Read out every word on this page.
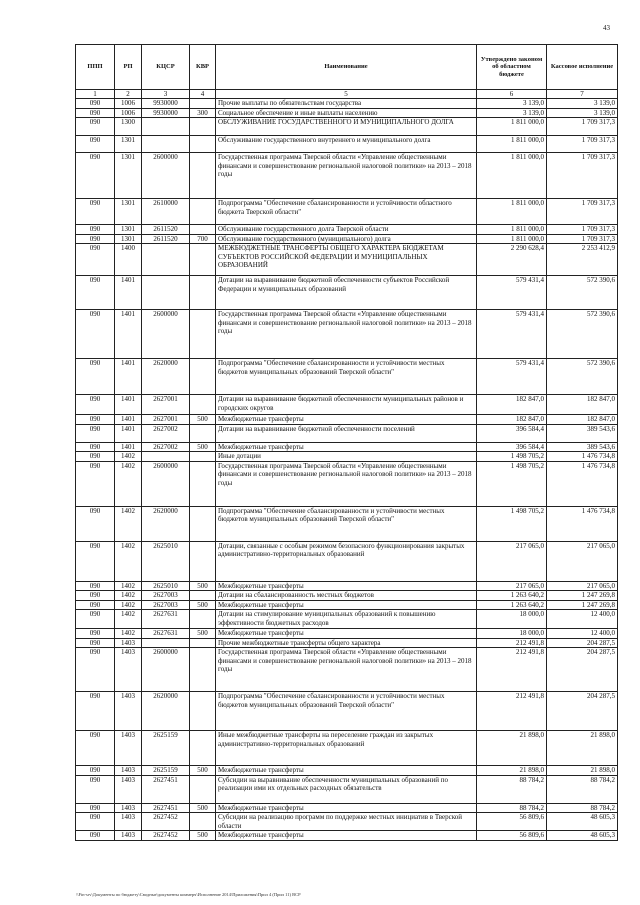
43
ППП	РП	КЦСР	КВР	Наименование	Утверждено законом об областном бюджете	Кассовое исполнение
1	2	3	4	5	6	7
090	1006	9930000		Прочие выплаты по обязательствам государства	3 139,0	3 139,0
090	1006	9930000	300	Социальное обеспечение и иные выплаты населению	3 139,0	3 139,0
090	1300			ОБСЛУЖИВАНИЕ ГОСУДАРСТВЕННОГО И МУНИЦИПАЛЬНОГО ДОЛГА	1 811 000,0	1 709 317,3
090	1301			Обслуживание государственного внутреннего и муниципального долга	1 811 000,0	1 709 317,3
090	1301	2600000		Государственная программа Тверской области «Управление общественными финансами и совершенствование региональной налоговой политики» на 2013 – 2018 годы	1 811 000,0	1 709 317,3
090	1301	2610000		Подпрограмма "Обеспечение сбалансированности и устойчивости областного бюджета Тверской области"	1 811 000,0	1 709 317,3
090	1301	2611520		Обслуживание государственного долга Тверской области	1 811 000,0	1 709 317,3
090	1301	2611520	700	Обслуживание государственного (муниципального) долга	1 811 000,0	1 709 317,3
090	1400			МЕЖБЮДЖЕТНЫЕ ТРАНСФЕРТЫ ОБЩЕГО ХАРАКТЕРА БЮДЖЕТАМ СУБЪЕКТОВ РОССИЙСКОЙ ФЕДЕРАЦИИ И МУНИЦИПАЛЬНЫХ ОБРАЗОВАНИЙ	2 290 628,4	2 253 412,9
090	1401			Дотации на выравнивание бюджетной обеспеченности субъектов Российской Федерации и муниципальных образований	579 431,4	572 390,6
090	1401	2600000		Государственная программа Тверской области «Управление общественными финансами и совершенствование региональной налоговой политики» на 2013 – 2018 годы	579 431,4	572 390,6
090	1401	2620000		Подпрограмма "Обеспечение сбалансированности и устойчивости местных бюджетов муниципальных образований Тверской области"	579 431,4	572 390,6
090	1401	2627001		Дотации на выравнивание бюджетной обеспеченности муниципальных районов и городских округов	182 847,0	182 847,0
090	1401	2627001	500	Межбюджетные трансферты	182 847,0	182 847,0
090	1401	2627002		Дотации на выравнивание бюджетной обеспеченности поселений	396 584,4	389 543,6
090	1401	2627002	500	Межбюджетные трансферты	396 584,4	389 543,6
090	1402			Иные дотации	1 498 705,2	1 476 734,8
090	1402	2600000		Государственная программа Тверской области «Управление общественными финансами и совершенствование региональной налоговой политики» на 2013 – 2018 годы	1 498 705,2	1 476 734,8
090	1402	2620000		Подпрограмма "Обеспечение сбалансированности и устойчивости местных бюджетов муниципальных образований Тверской области"	1 498 705,2	1 476 734,8
090	1402	2625010		Дотации, связанные с особым режимом безопасного функционирования закрытых административно-территориальных образований	217 065,0	217 065,0
090	1402	2625010	500	Межбюджетные трансферты	217 065,0	217 065,0
090	1402	2627003		Дотации на сбалансированность местных бюджетов	1 263 640,2	1 247 269,8
090	1402	2627003	500	Межбюджетные трансферты	1 263 640,2	1 247 269,8
090	1402	2627631		Дотации на стимулирование муниципальных образований к повышению эффективности бюджетных расходов	18 000,0	12 400,0
090	1402	2627631	500	Межбюджетные трансферты	18 000,0	12 400,0
090	1403			Прочие межбюджетные трансферты общего характера	212 491,8	204 287,5
090	1403	2600000		Государственная программа Тверской области «Управление общественными финансами и совершенствование региональной налоговой политики» на 2013 – 2018 годы	212 491,8	204 287,5
090	1403	2620000		Подпрограмма "Обеспечение сбалансированности и устойчивости местных бюджетов муниципальных образований Тверской области"	212 491,8	204 287,5
090	1403	2625159		Иные межбюджетные трансферты на переселение граждан из закрытых административно-территориальных образований	21 898,0	21 898,0
090	1403	2625159	500	Межбюджетные трансферты	21 898,0	21 898,0
090	1403	2627451		Субсидии на выравнивание обеспеченности муниципальных образований по реализации ими их отдельных расходных обязательств	88 784,2	88 784,2
090	1403	2627451	500	Межбюджетные трансферты	88 784,2	88 784,2
090	1403	2627452		Субсидии на реализацию программ по поддержке местных инициатив в Тверской области	56 809,6	48 605,3
090	1403	2627452	500	Межбюджетные трансферты	56 809,6	48 605,3
\\Fin-srv\Документы по бюджету\Сводные\документы коммерч\Исполнение 2014\Приложения\Прил 4 (Прил 11) ВСР
